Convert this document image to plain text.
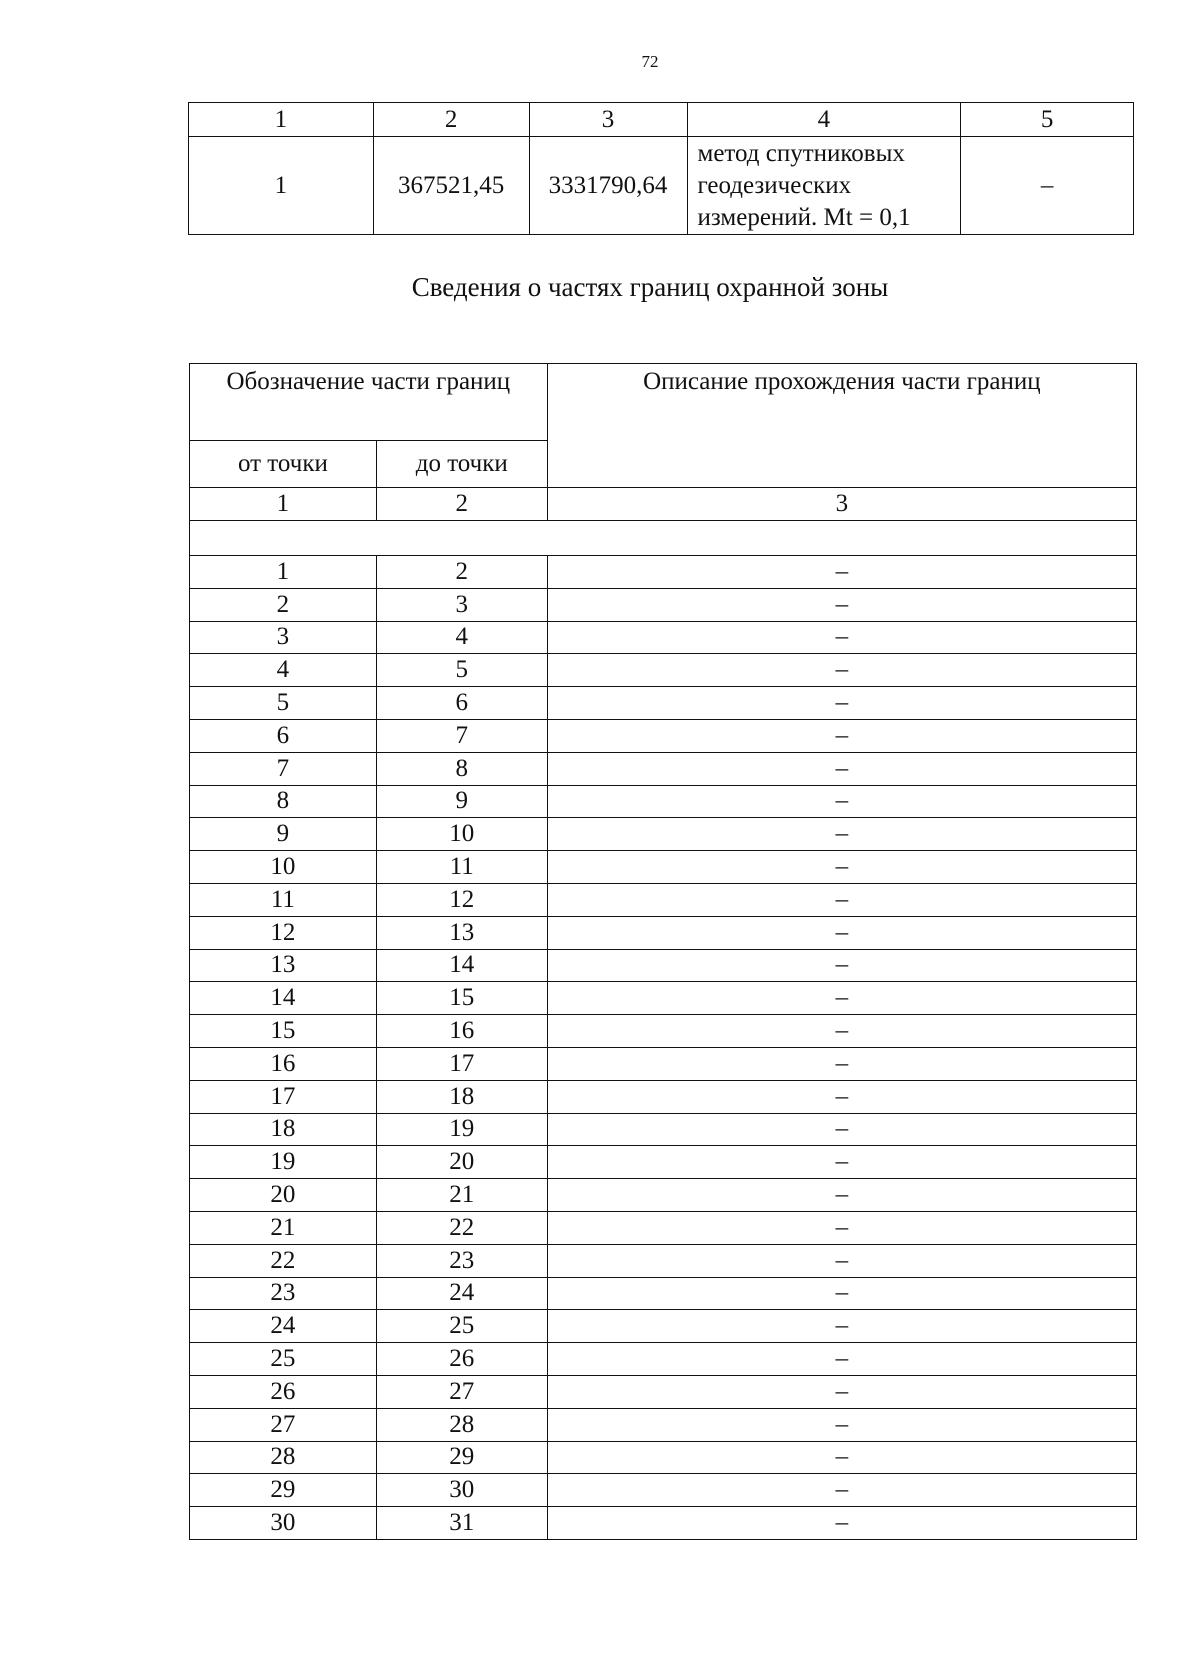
72
1	2	3	4	5
1	367521,45	3331790,64	метод спутниковых
геодезических
измерений. Mt = 0,1	–
Сведения о частях границ охранной зоны
Обозначение части границ		Описание прохождения части границ
от точки	до точки	
1	2	3

1	2	–
2	3	–
3	4	–
4	5	–
5	6	–
6	7	–
7	8	–
8	9	–
9	10	–
10	11	–
11	12	–
12	13	–
13	14	–
14	15	–
15	16	–
16	17	–
17	18	–
18	19	–
19	20	–
20	21	–
21	22	–
22	23	–
23	24	–
24	25	–
25	26	–
26	27	–
27	28	–
28	29	–
29	30	–
30	31	–
